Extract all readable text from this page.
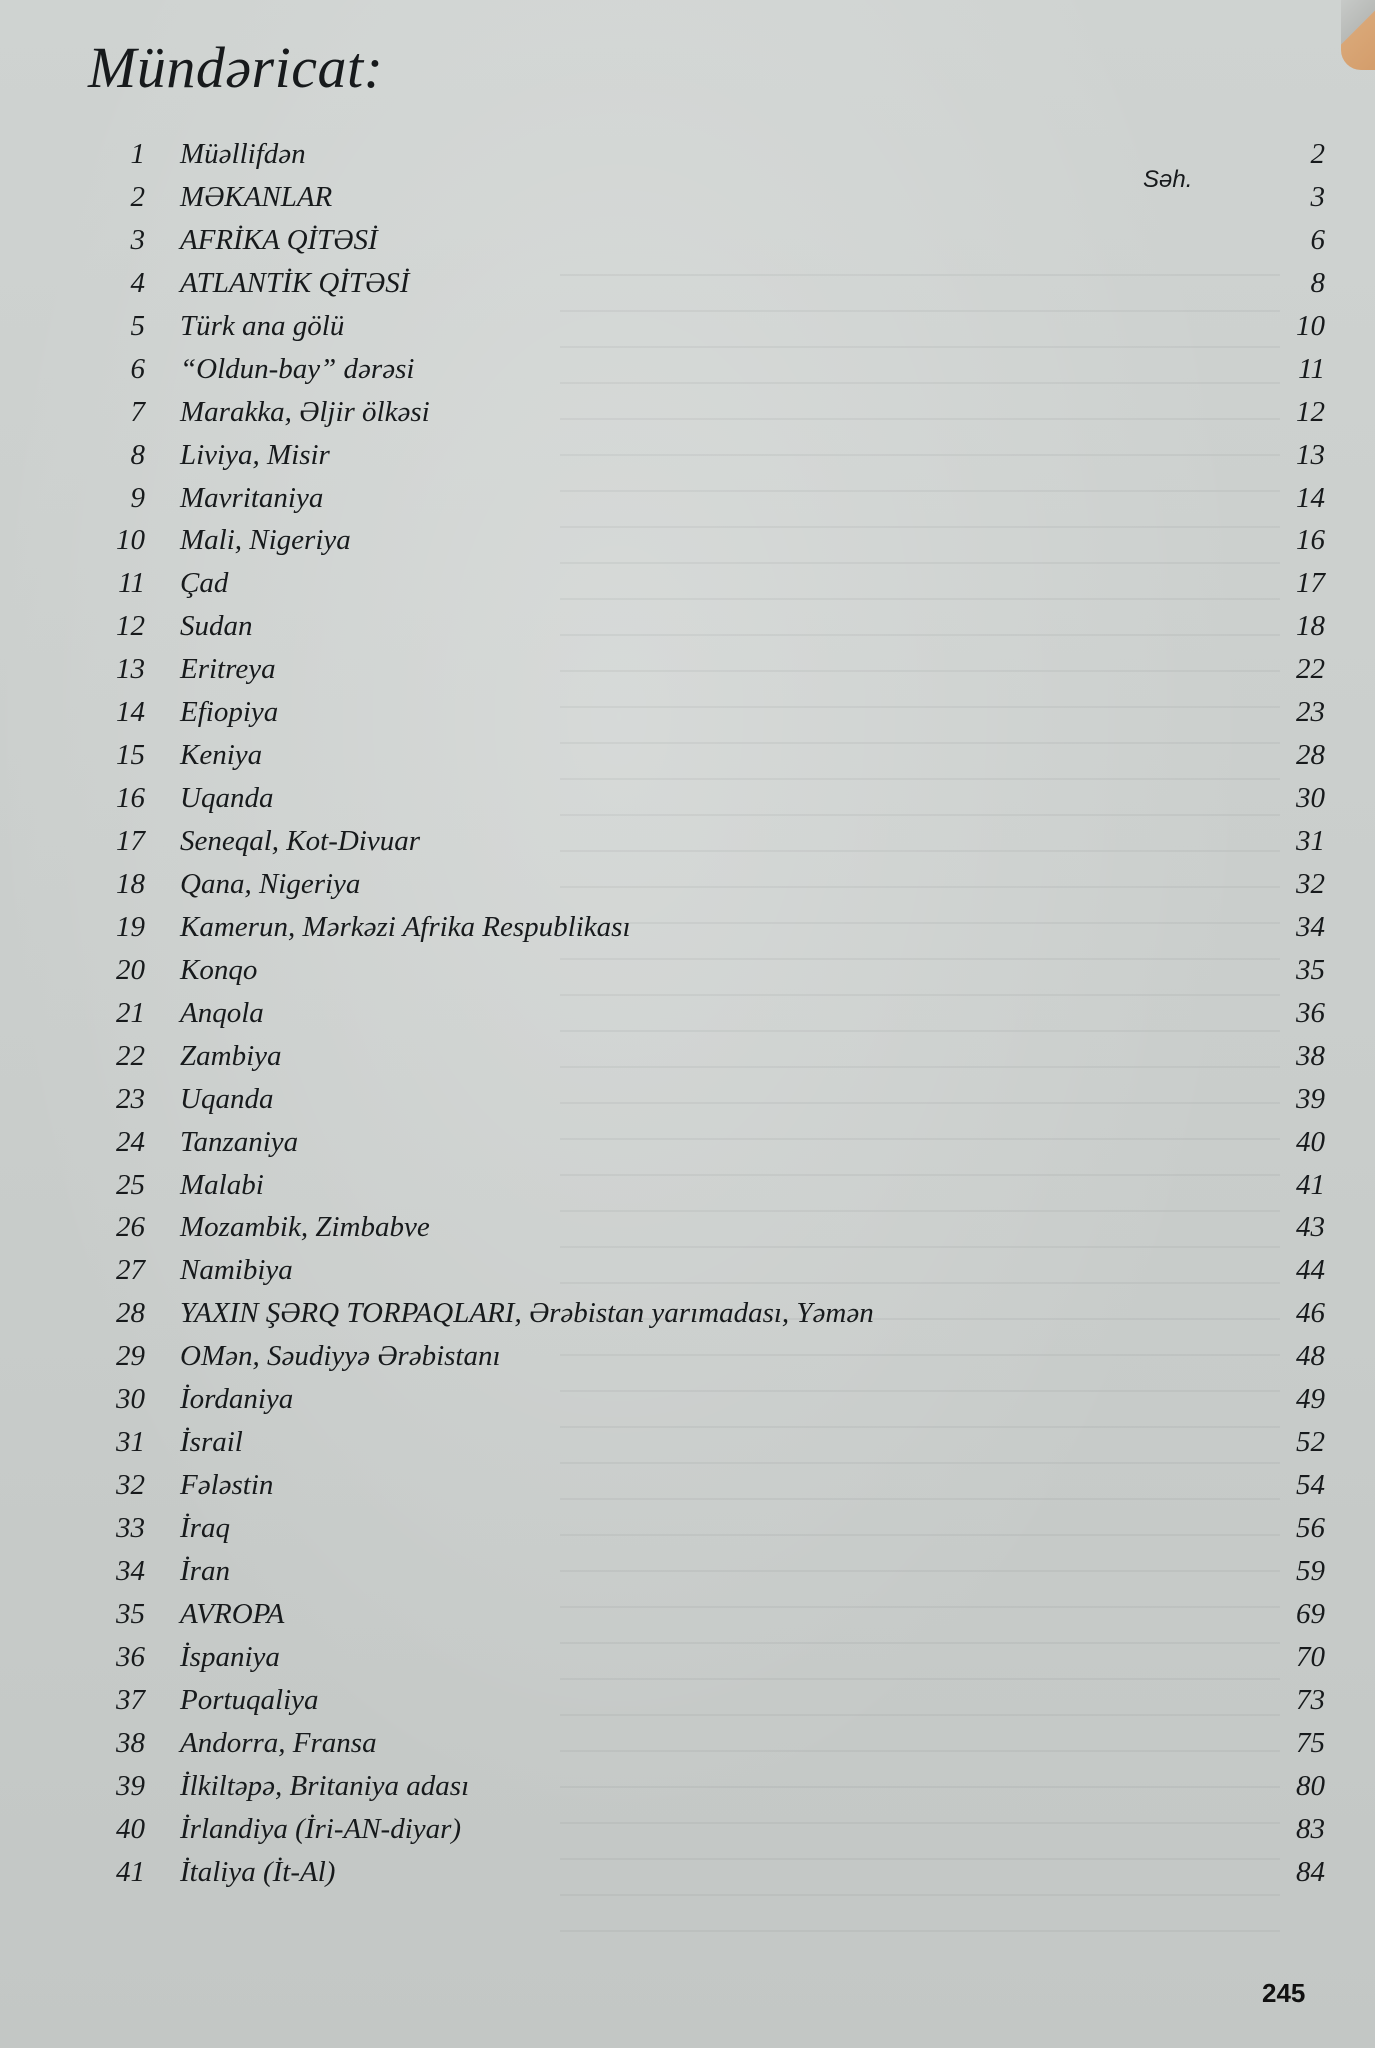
Mündəricat:
Səh.
1 Müəllifdən	2
2 MƏKANLAR	3
3 AFRİKA QİTƏSİ	6
4 ATLANTİK QİTƏSİ	8
5 Türk ana gölü	10
6 “Oldun-bay” dərəsi	11
7 Marakka, Əljir ölkəsi	12
8 Liviya, Misir	13
9 Mavritaniya	14
10 Mali, Nigeriya	16
11 Çad	17
12 Sudan	18
13 Eritreya	22
14 Efiopiya	23
15 Keniya	28
16 Uqanda	30
17 Seneqal, Kot-Divuar	31
18 Qana, Nigeriya	32
19 Kamerun, Mərkəzi Afrika Respublikası	34
20 Konqo	35
21 Anqola	36
22 Zambiya	38
23 Uqanda	39
24 Tanzaniya	40
25 Malabi	41
26 Mozambik, Zimbabve	43
27 Namibiya	44
28 YAXIN ŞƏRQ TORPAQLARI, Ərəbistan yarımadası, Yəmən	46
29 OMən, Səudiyyə Ərəbistanı	48
30 İordaniya	49
31 İsrail	52
32 Fələstin	54
33 İraq	56
34 İran	59
35 AVROPA	69
36 İspaniya	70
37 Portuqaliya	73
38 Andorra, Fransa	75
39 İlkiltəpə, Britaniya adası	80
40 İrlandiya (İri-AN-diyar)	83
41 İtaliya (İt-Al)	84
245
